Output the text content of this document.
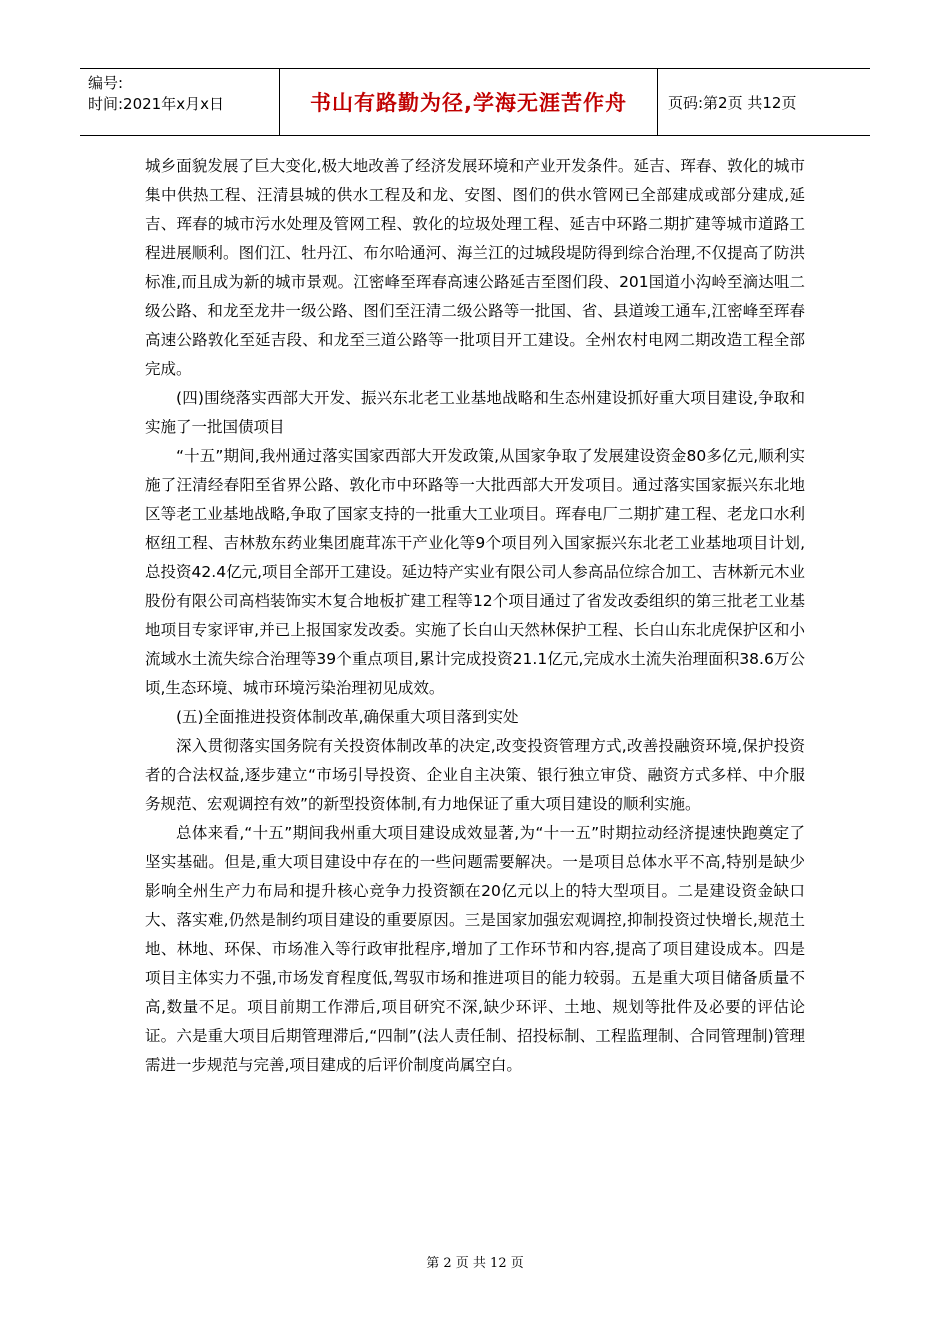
编号:
时间:2021年x月x日	书山有路勤为径,学海无涯苦作舟	页码:第2页 共12页

城乡面貌发展了巨大变化,极大地改善了经济发展环境和产业开发条件。延吉、珲春、敦化的城市集中供热工程、汪清县城的供水工程及和龙、安图、图们的供水管网已全部建成或部分建成,延吉、珲春的城市污水处理及管网工程、敦化的垃圾处理工程、延吉中环路二期扩建等城市道路工程进展顺利。图们江、牡丹江、布尔哈通河、海兰江的过城段堤防得到综合治理,不仅提高了防洪标准,而且成为新的城市景观。江密峰至珲春高速公路延吉至图们段、201国道小沟岭至滴达咀二级公路、和龙至龙井一级公路、图们至汪清二级公路等一批国、省、县道竣工通车,江密峰至珲春高速公路敦化至延吉段、和龙至三道公路等一批项目开工建设。全州农村电网二期改造工程全部完成。

(四)围绕落实西部大开发、振兴东北老工业基地战略和生态州建设抓好重大项目建设,争取和实施了一批国债项目

“十五”期间,我州通过落实国家西部大开发政策,从国家争取了发展建设资金80多亿元,顺利实施了汪清经春阳至省界公路、敦化市中环路等一大批西部大开发项目。通过落实国家振兴东北地区等老工业基地战略,争取了国家支持的一批重大工业项目。珲春电厂二期扩建工程、老龙口水利枢纽工程、吉林敖东药业集团鹿茸冻干产业化等9个项目列入国家振兴东北老工业基地项目计划,总投资42.4亿元,项目全部开工建设。延边特产实业有限公司人参高品位综合加工、吉林新元木业股份有限公司高档装饰实木复合地板扩建工程等12个项目通过了省发改委组织的第三批老工业基地项目专家评审,并已上报国家发改委。实施了长白山天然林保护工程、长白山东北虎保护区和小流域水土流失综合治理等39个重点项目,累计完成投资21.1亿元,完成水土流失治理面积38.6万公顷,生态环境、城市环境污染治理初见成效。

(五)全面推进投资体制改革,确保重大项目落到实处

深入贯彻落实国务院有关投资体制改革的决定,改变投资管理方式,改善投融资环境,保护投资者的合法权益,逐步建立“市场引导投资、企业自主决策、银行独立审贷、融资方式多样、中介服务规范、宏观调控有效”的新型投资体制,有力地保证了重大项目建设的顺利实施。

总体来看,“十五”期间我州重大项目建设成效显著,为“十一五”时期拉动经济提速快跑奠定了坚实基础。但是,重大项目建设中存在的一些问题需要解决。一是项目总体水平不高,特别是缺少影响全州生产力布局和提升核心竞争力投资额在20亿元以上的特大型项目。二是建设资金缺口大、落实难,仍然是制约项目建设的重要原因。三是国家加强宏观调控,抑制投资过快增长,规范土地、林地、环保、市场准入等行政审批程序,增加了工作环节和内容,提高了项目建设成本。四是项目主体实力不强,市场发育程度低,驾驭市场和推进项目的能力较弱。五是重大项目储备质量不高,数量不足。项目前期工作滞后,项目研究不深,缺少环评、土地、规划等批件及必要的评估论证。六是重大项目后期管理滞后,“四制”(法人责任制、招投标制、工程监理制、合同管理制)管理需进一步规范与完善,项目建成的后评价制度尚属空白。

第 2 页 共 12 页
